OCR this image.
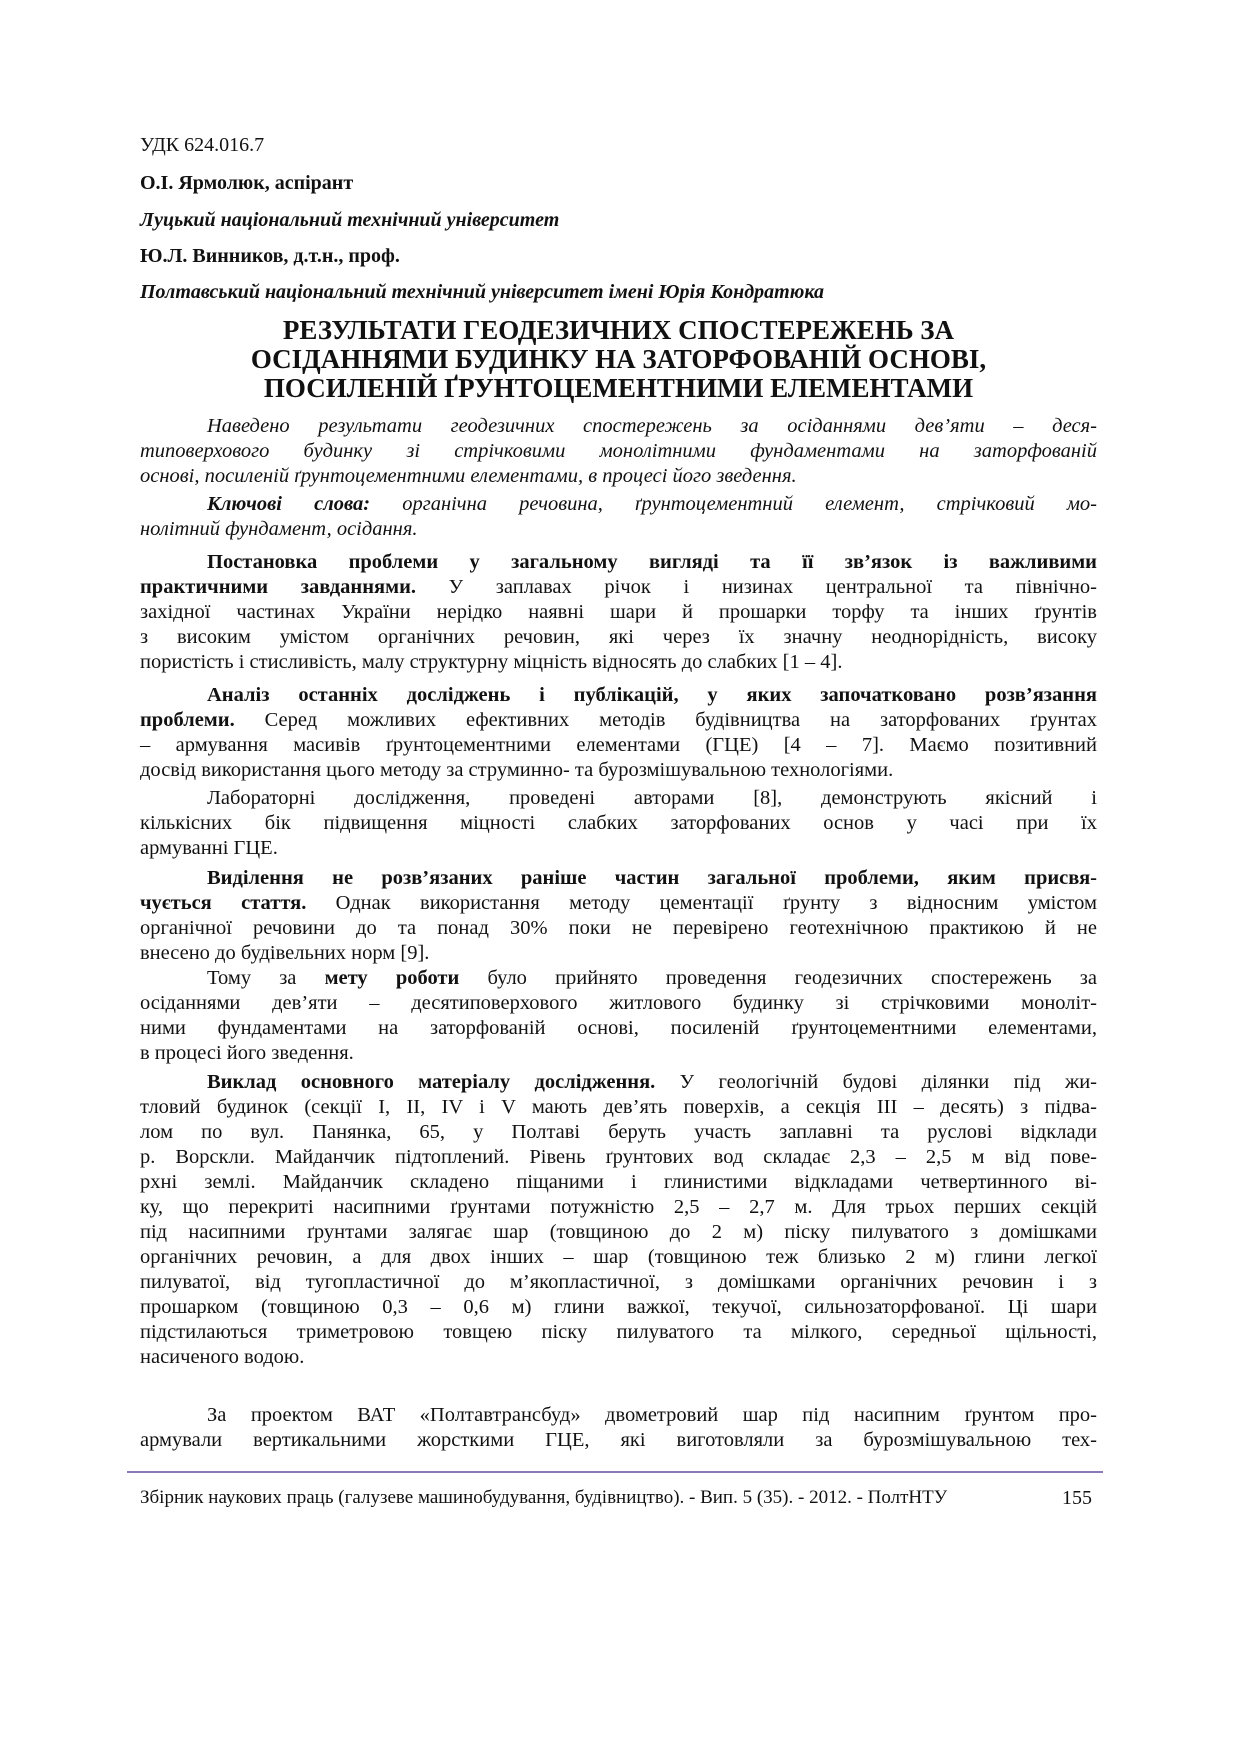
УДК 624.016.7
О.І. Ярмолюк, аспірант
Луцький національний технічний університет
Ю.Л. Винников, д.т.н., проф.
Полтавський національний технічний університет імені Юрія Кондратюка
РЕЗУЛЬТАТИ ГЕОДЕЗИЧНИХ СПОСТЕРЕЖЕНЬ ЗА
ОСІДАННЯМИ БУДИНКУ НА ЗАТОРФОВАНІЙ ОСНОВІ,
ПОСИЛЕНІЙ ҐРУНТОЦЕМЕНТНИМИ ЕЛЕМЕНТАМИ
Наведено результати геодезичних спостережень за осіданнями дев’яти – деся-
типоверхового будинку зі стрічковими монолітними фундаментами на заторфованій
основі, посиленій ґрунтоцементними елементами, в процесі його зведення.
Ключові слова: органічна речовина, ґрунтоцементний елемент, стрічковий мо-
нолітний фундамент, осідання.
Постановка проблеми у загальному вигляді та її зв’язок із важливими
практичними завданнями. У заплавах річок і низинах центральної та північно-
західної частинах України нерідко наявні шари й прошарки торфу та інших ґрунтів
з високим умістом органічних речовин, які через їх значну неоднорідність, високу
пористість і стисливість, малу структурну міцність відносять до слабких [1 – 4].
Аналіз останніх досліджень і публікацій, у яких започатковано розв’язання
проблеми. Серед можливих ефективних методів будівництва на заторфованих ґрунтах
– армування масивів ґрунтоцементними елементами (ГЦЕ) [4 – 7]. Маємо позитивний
досвід використання цього методу за струминно- та бурозмішувальною технологіями.
Лабораторні дослідження, проведені авторами [8], демонструють якісний і
кількісних бік підвищення міцності слабких заторфованих основ у часі при їх
армуванні ГЦЕ.
Виділення не розв’язаних раніше частин загальної проблеми, яким присвя-
чується стаття. Однак використання методу цементації ґрунту з відносним умістом
органічної речовини до та понад 30% поки не перевірено геотехнічною практикою й не
внесено до будівельних норм [9].
Тому за мету роботи було прийнято проведення геодезичних спостережень за
осіданнями дев’яти – десятиповерхового житлового будинку зі стрічковими моноліт-
ними фундаментами на заторфованій основі, посиленій ґрунтоцементними елементами,
в процесі його зведення.
Виклад основного матеріалу дослідження. У геологічній будові ділянки під жи-
тловий будинок (секції І, ІІ, IV і V мають дев’ять поверхів, а секція ІІІ – десять) з підва-
лом по вул. Панянка, 65, у Полтаві беруть участь заплавні та руслові відклади
р. Ворскли. Майданчик підтоплений. Рівень ґрунтових вод складає 2,3 – 2,5 м від пове-
рхні землі. Майданчик складено піщаними і глинистими відкладами четвертинного ві-
ку, що перекриті насипними ґрунтами потужністю 2,5 – 2,7 м. Для трьох перших секцій
під насипними ґрунтами залягає шар (товщиною до 2 м) піску пилуватого з домішками
органічних речовин, а для двох інших – шар (товщиною теж близько 2 м) глини легкої
пилуватої, від тугопластичної до м’якопластичної, з домішками органічних речовин і з
прошарком (товщиною 0,3 – 0,6 м) глини важкої, текучої, сильнозаторфованої. Ці шари
підстилаються триметровою товщею піску пилуватого та мілкого, середньої щільності,
насиченого водою.
За проектом ВАТ «Полтавтрансбуд» двометровий шар під насипним ґрунтом про-
армували вертикальними жорсткими ГЦЕ, які виготовляли за бурозмішувальною тех-
Збірник наукових праць (галузеве машинобудування, будівництво). - Вип. 5 (35). - 2012. - ПолтНТУ	155
